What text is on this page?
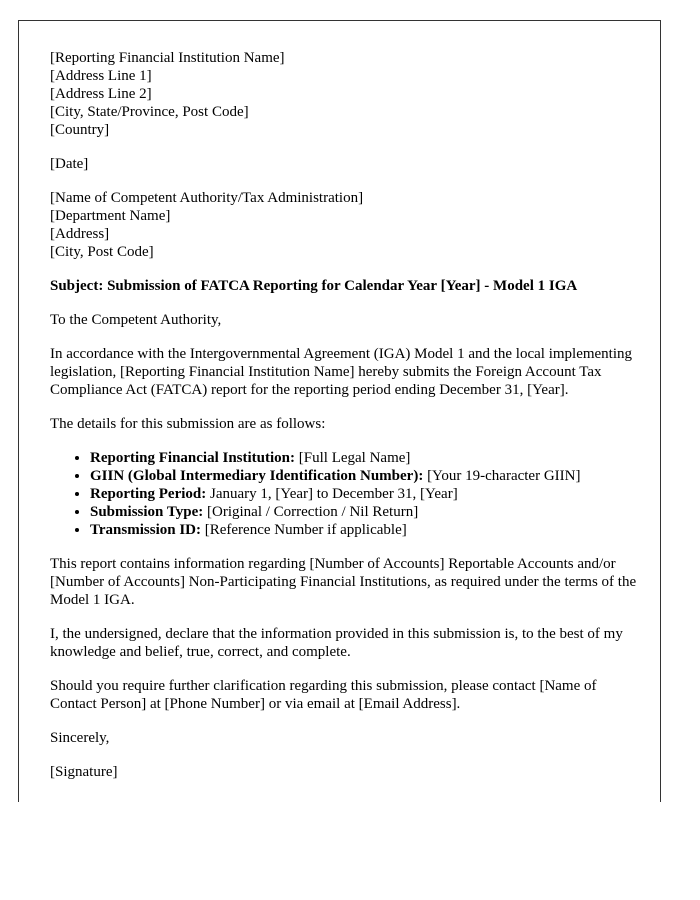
[Reporting Financial Institution Name]
[Address Line 1]
[Address Line 2]
[City, State/Province, Post Code]
[Country]
[Date]
[Name of Competent Authority/Tax Administration]
[Department Name]
[Address]
[City, Post Code]
Subject: Submission of FATCA Reporting for Calendar Year [Year] - Model 1 IGA

To the Competent Authority,

In accordance with the Intergovernmental Agreement (IGA) Model 1 and the local implementing legislation, [Reporting Financial Institution Name] hereby submits the Foreign Account Tax Compliance Act (FATCA) report for the reporting period ending December 31, [Year].

The details for this submission are as follows:

• Reporting Financial Institution: [Full Legal Name]
• GIIN (Global Intermediary Identification Number): [Your 19-character GIIN]
• Reporting Period: January 1, [Year] to December 31, [Year]
• Submission Type: [Original / Correction / Nil Return]
• Transmission ID: [Reference Number if applicable]

This report contains information regarding [Number of Accounts] Reportable Accounts and/or [Number of Accounts] Non-Participating Financial Institutions, as required under the terms of the Model 1 IGA.

I, the undersigned, declare that the information provided in this submission is, to the best of my knowledge and belief, true, correct, and complete.

Should you require further clarification regarding this submission, please contact [Name of Contact Person] at [Phone Number] or via email at [Email Address].

Sincerely,

[Signature]
